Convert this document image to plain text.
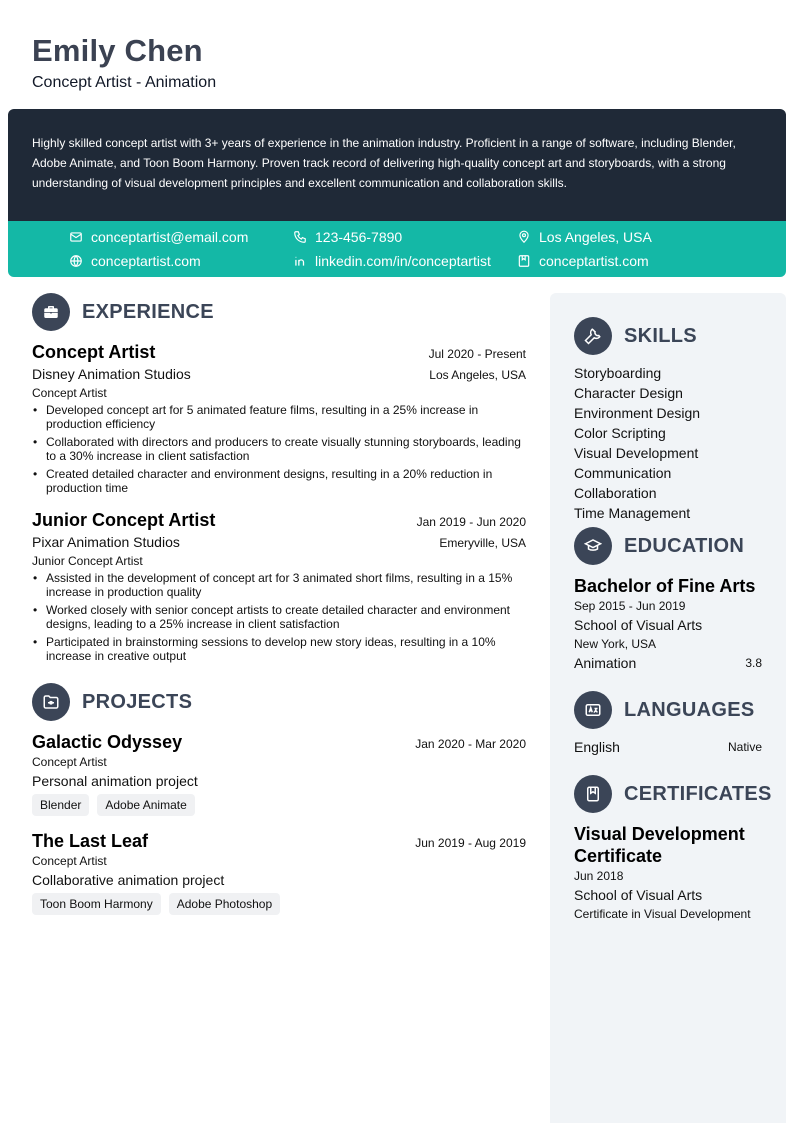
Emily Chen
Concept Artist - Animation

Highly skilled concept artist with 3+ years of experience in the animation industry. Proficient in a range of software, including Blender, Adobe Animate, and Toon Boom Harmony. Proven track record of delivering high-quality concept art and storyboards, with a strong understanding of visual development principles and excellent communication and collaboration skills.

conceptartist@email.com	123-456-7890	Los Angeles, USA
conceptartist.com	linkedin.com/in/conceptartist	conceptartist.com
EXPERIENCE
Concept Artist	Jul 2020 - Present
Disney Animation Studios	Los Angeles, USA
Concept Artist
• Developed concept art for 5 animated feature films, resulting in a 25% increase in production efficiency
• Collaborated with directors and producers to create visually stunning storyboards, leading to a 30% increase in client satisfaction
• Created detailed character and environment designs, resulting in a 20% reduction in production time
Junior Concept Artist	Jan 2019 - Jun 2020
Pixar Animation Studios	Emeryville, USA
Junior Concept Artist
• Assisted in the development of concept art for 3 animated short films, resulting in a 15% increase in production quality
• Worked closely with senior concept artists to create detailed character and environment designs, leading to a 25% increase in client satisfaction
• Participated in brainstorming sessions to develop new story ideas, resulting in a 10% increase in creative output
PROJECTS
Galactic Odyssey	Jan 2020 - Mar 2020
Concept Artist
Personal animation project
Blender	Adobe Animate
The Last Leaf	Jun 2019 - Aug 2019
Concept Artist
Collaborative animation project
Toon Boom Harmony	Adobe Photoshop
SKILLS
Storyboarding
Character Design
Environment Design
Color Scripting
Visual Development
Communication
Collaboration
Time Management
EDUCATION
Bachelor of Fine Arts
Sep 2015 - Jun 2019
School of Visual Arts
New York, USA
Animation	3.8
LANGUAGES
English	Native
CERTIFICATES
Visual Development Certificate
Jun 2018
School of Visual Arts
Certificate in Visual Development
